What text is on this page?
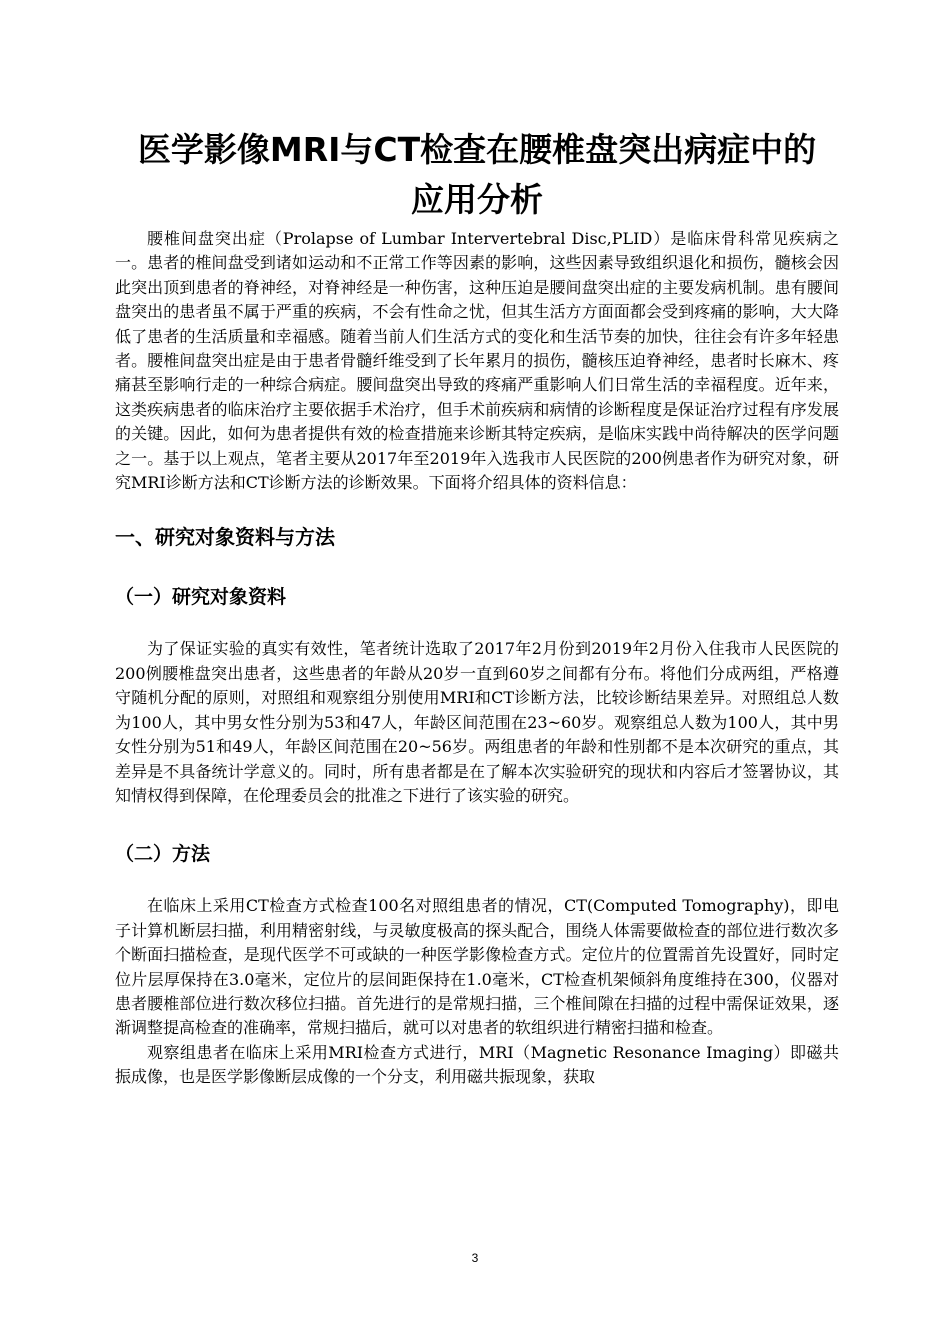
医学影像MRI与CT检查在腰椎盘突出病症中的
应用分析

腰椎间盘突出症（Prolapse of Lumbar Intervertebral Disc,PLID）是临床骨科常见疾病之一。患者的椎间盘受到诸如运动和不正常工作等因素的影响，这些因素导致组织退化和损伤，髓核会因此突出顶到患者的脊神经，对脊神经是一种伤害，这种压迫是腰间盘突出症的主要发病机制。患有腰间盘突出的患者虽不属于严重的疾病，不会有性命之忧，但其生活方方面面都会受到疼痛的影响，大大降低了患者的生活质量和幸福感。随着当前人们生活方式的变化和生活节奏的加快，往往会有许多年轻患者。腰椎间盘突出症是由于患者骨髓纤维受到了长年累月的损伤，髓核压迫脊神经，患者时长麻木、疼痛甚至影响行走的一种综合病症。腰间盘突出导致的疼痛严重影响人们日常生活的幸福程度。近年来，这类疾病患者的临床治疗主要依据手术治疗，但手术前疾病和病情的诊断程度是保证治疗过程有序发展的关键。因此，如何为患者提供有效的检查措施来诊断其特定疾病，是临床实践中尚待解决的医学问题之一。基于以上观点，笔者主要从2017年至2019年入选我市人民医院的200例患者作为研究对象，研究MRI诊断方法和CT诊断方法的诊断效果。下面将介绍具体的资料信息：

一、研究对象资料与方法
（一）研究对象资料

为了保证实验的真实有效性，笔者统计选取了2017年2月份到2019年2月份入住我市人民医院的200例腰椎盘突出患者，这些患者的年龄从20岁一直到60岁之间都有分布。将他们分成两组，严格遵守随机分配的原则，对照组和观察组分别使用MRI和CT诊断方法，比较诊断结果差异。对照组总人数为100人，其中男女性分别为53和47人，年龄区间范围在23~60岁。观察组总人数为100人，其中男女性分别为51和49人，年龄区间范围在20~56岁。两组患者的年龄和性别都不是本次研究的重点，其差异是不具备统计学意义的。同时，所有患者都是在了解本次实验研究的现状和内容后才签署协议，其知情权得到保障，在伦理委员会的批准之下进行了该实验的研究。

（二）方法

在临床上采用CT检查方式检查100名对照组患者的情况，CT(Computed Tomography)，即电子计算机断层扫描，利用精密射线，与灵敏度极高的探头配合，围绕人体需要做检查的部位进行数次多个断面扫描检查，是现代医学不可或缺的一种医学影像检查方式。定位片的位置需首先设置好，同时定位片层厚保持在3.0毫米，定位片的层间距保持在1.0毫米，CT检查机架倾斜角度维持在300，仪器对患者腰椎部位进行数次移位扫描。首先进行的是常规扫描，三个椎间隙在扫描的过程中需保证效果，逐渐调整提高检查的准确率，常规扫描后，就可以对患者的软组织进行精密扫描和检查。

观察组患者在临床上采用MRI检查方式进行，MRI（Magnetic Resonance Imaging）即磁共振成像，也是医学影像断层成像的一个分支，利用磁共振现象，获取

3
